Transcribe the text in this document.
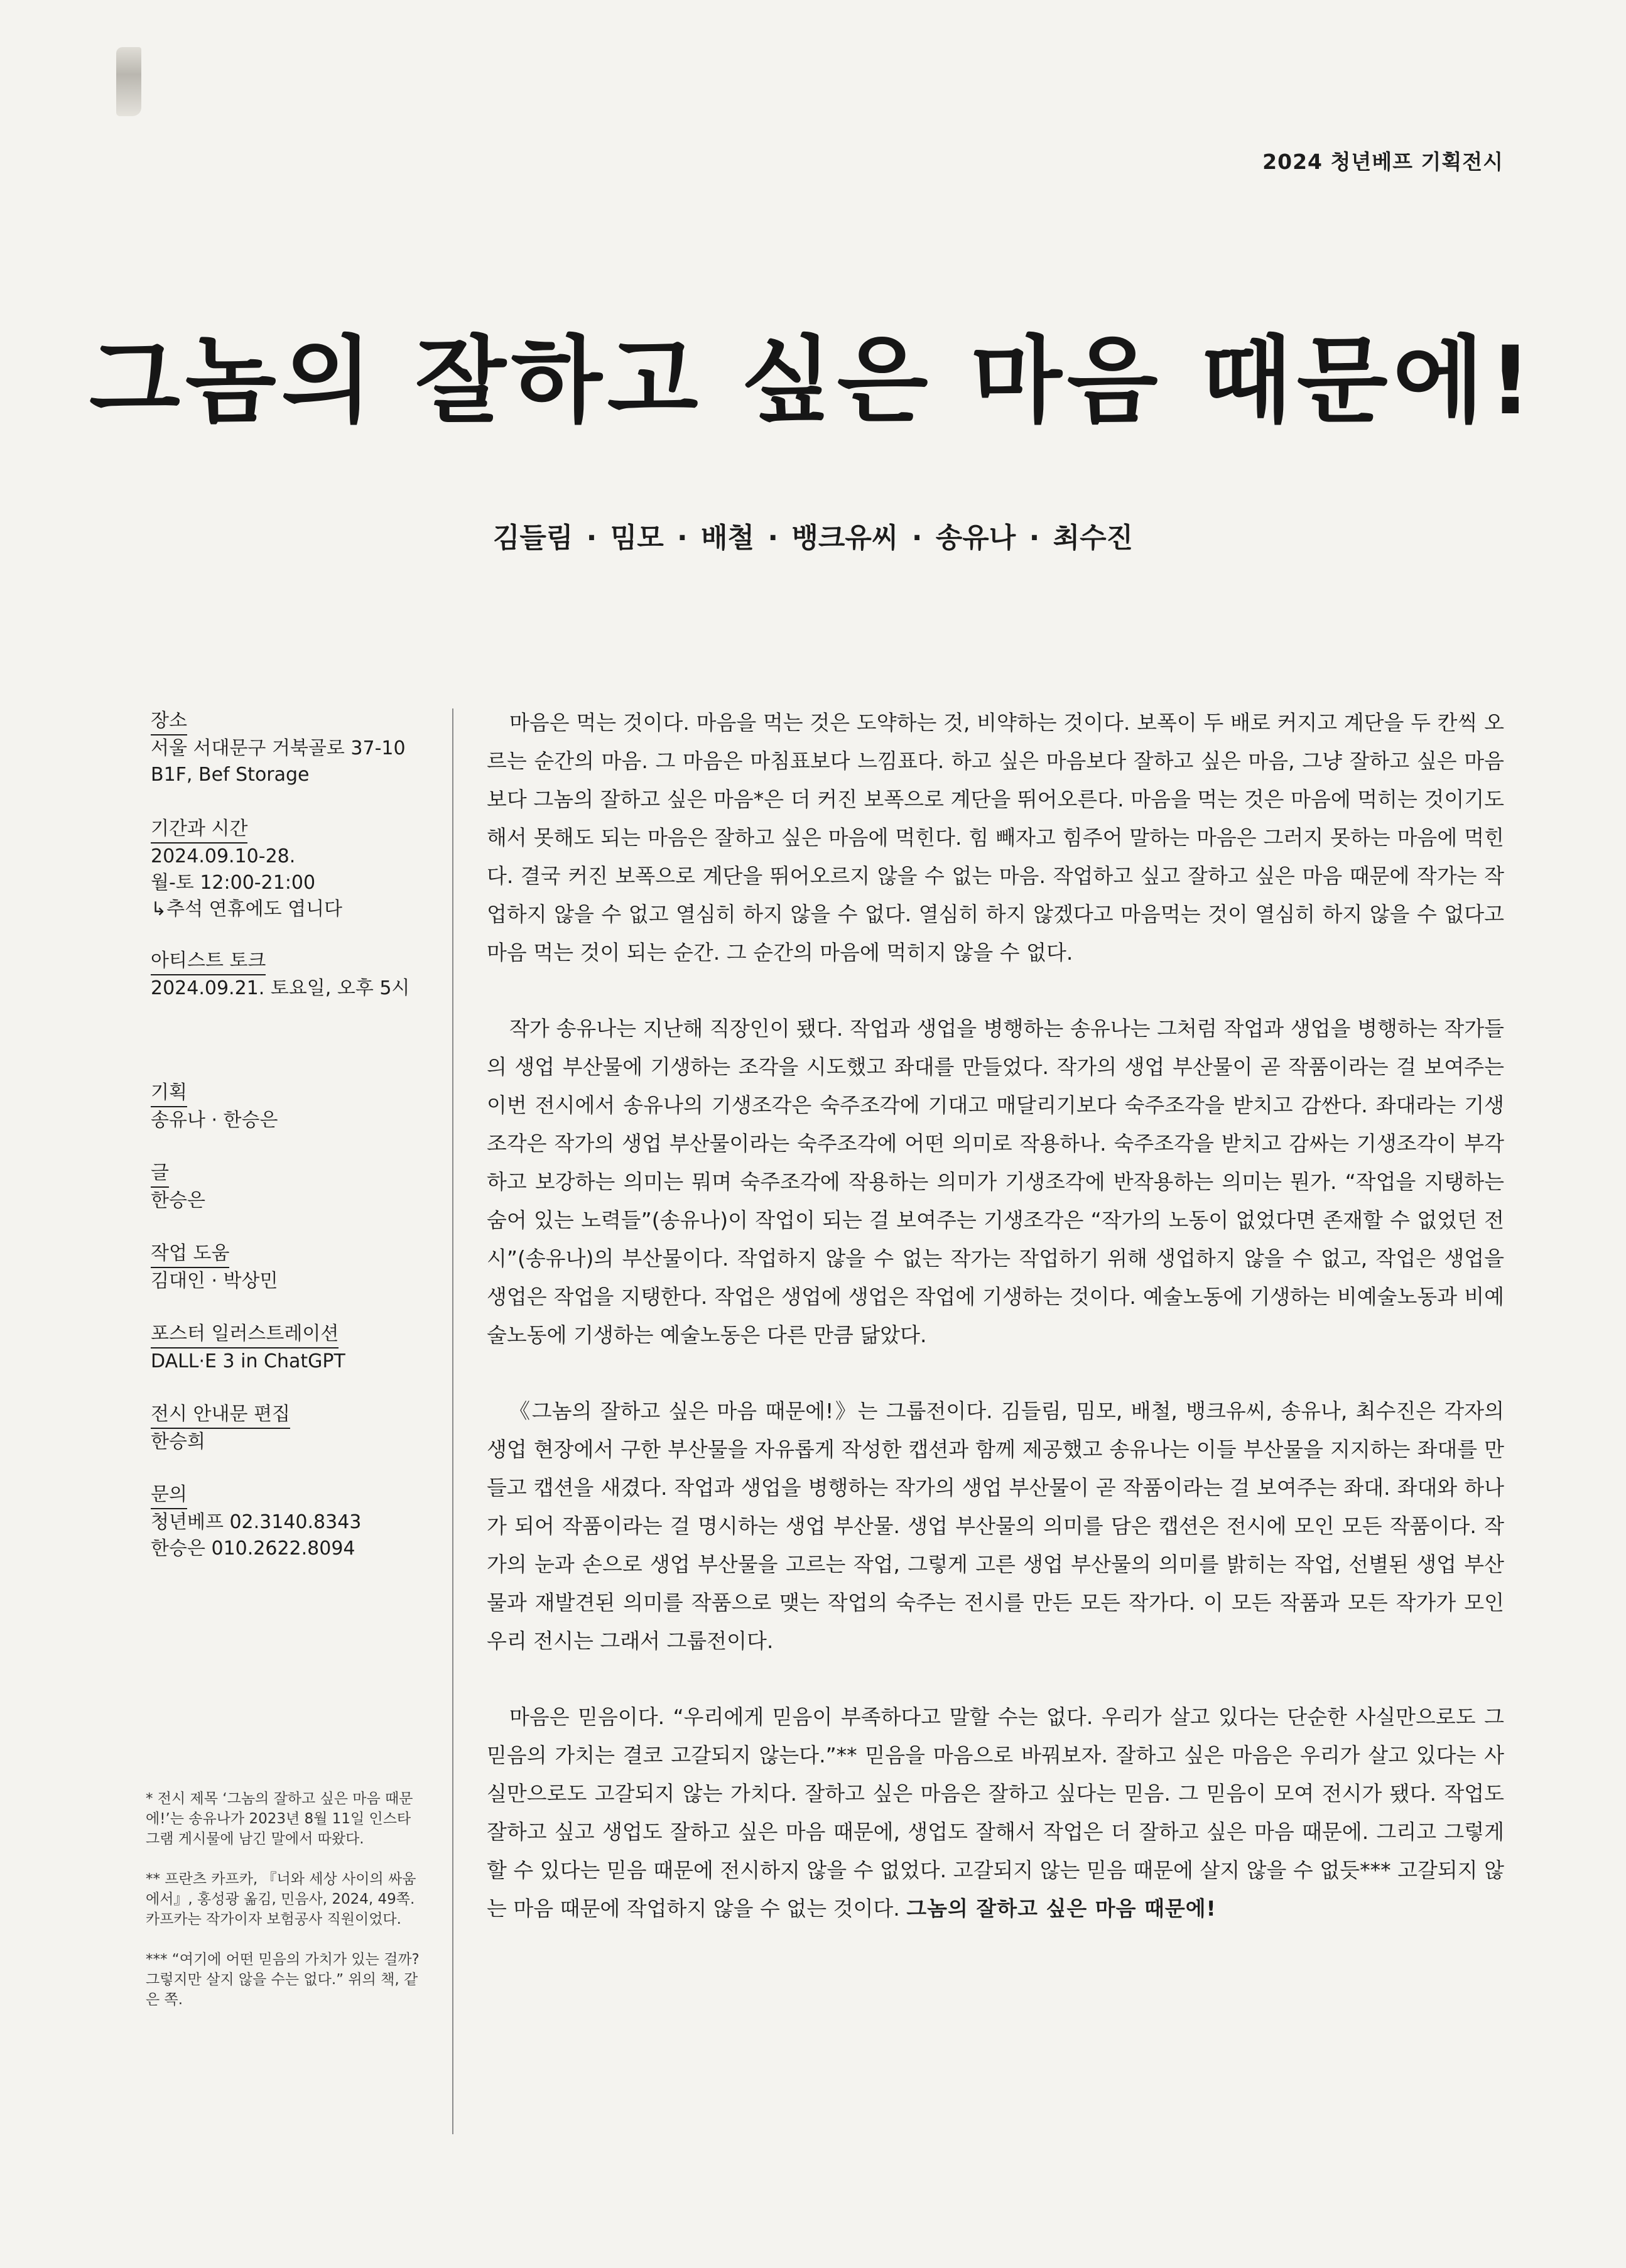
2024 청년베프 기획전시
그놈의 잘하고 싶은 마음 때문에!
김들림 · 밈모 · 배철 · 뱅크유씨 · 송유나 · 최수진
장소
서울 서대문구 거북골로 37-10
B1F, Bef Storage
기간과 시간
2024.09.10-28.
월-토 12:00-21:00
↳추석 연휴에도 엽니다
아티스트 토크
2024.09.21. 토요일, 오후 5시
기획
송유나 · 한승은
글
한승은
작업 도움
김대인 · 박상민
포스터 일러스트레이션
DALL·E 3 in ChatGPT
전시 안내문 편집
한승희
문의
청년베프 02.3140.8343
한승은 010.2622.8094

마음은 먹는 것이다. 마음을 먹는 것은 도약하는 것, 비약하는 것이다. 보폭이 두 배로 커지고 계단을 두 칸씩 오르는 순간의 마음. 그 마음은 마침표보다 느낌표다. 하고 싶은 마음보다 잘하고 싶은 마음, 그냥 잘하고 싶은 마음보다 그놈의 잘하고 싶은 마음*은 더 커진 보폭으로 계단을 뛰어오른다. 마음을 먹는 것은 마음에 먹히는 것이기도 해서 못해도 되는 마음은 잘하고 싶은 마음에 먹힌다. 힘 빼자고 힘주어 말하는 마음은 그러지 못하는 마음에 먹힌다. 결국 커진 보폭으로 계단을 뛰어오르지 않을 수 없는 마음. 작업하고 싶고 잘하고 싶은 마음 때문에 작가는 작업하지 않을 수 없고 열심히 하지 않을 수 없다. 열심히 하지 않겠다고 마음먹는 것이 열심히 하지 않을 수 없다고 마음 먹는 것이 되는 순간. 그 순간의 마음에 먹히지 않을 수 없다.

작가 송유나는 지난해 직장인이 됐다. 작업과 생업을 병행하는 송유나는 그처럼 작업과 생업을 병행하는 작가들의 생업 부산물에 기생하는 조각을 시도했고 좌대를 만들었다. 작가의 생업 부산물이 곧 작품이라는 걸 보여주는 이번 전시에서 송유나의 기생조각은 숙주조각에 기대고 매달리기보다 숙주조각을 받치고 감싼다. 좌대라는 기생조각은 작가의 생업 부산물이라는 숙주조각에 어떤 의미로 작용하나. 숙주조각을 받치고 감싸는 기생조각이 부각하고 보강하는 의미는 뭐며 숙주조각에 작용하는 의미가 기생조각에 반작용하는 의미는 뭔가. “작업을 지탱하는 숨어 있는 노력들”(송유나)이 작업이 되는 걸 보여주는 기생조각은 “작가의 노동이 없었다면 존재할 수 없었던 전시”(송유나)의 부산물이다. 작업하지 않을 수 없는 작가는 작업하기 위해 생업하지 않을 수 없고, 작업은 생업을 생업은 작업을 지탱한다. 작업은 생업에 생업은 작업에 기생하는 것이다. 예술노동에 기생하는 비예술노동과 비예술노동에 기생하는 예술노동은 다른 만큼 닮았다.

《그놈의 잘하고 싶은 마음 때문에!》는 그룹전이다. 김들림, 밈모, 배철, 뱅크유씨, 송유나, 최수진은 각자의 생업 현장에서 구한 부산물을 자유롭게 작성한 캡션과 함께 제공했고 송유나는 이들 부산물을 지지하는 좌대를 만들고 캡션을 새겼다. 작업과 생업을 병행하는 작가의 생업 부산물이 곧 작품이라는 걸 보여주는 좌대. 좌대와 하나가 되어 작품이라는 걸 명시하는 생업 부산물. 생업 부산물의 의미를 담은 캡션은 전시에 모인 모든 작품이다. 작가의 눈과 손으로 생업 부산물을 고르는 작업, 그렇게 고른 생업 부산물의 의미를 밝히는 작업, 선별된 생업 부산물과 재발견된 의미를 작품으로 맺는 작업의 숙주는 전시를 만든 모든 작가다. 이 모든 작품과 모든 작가가 모인 우리 전시는 그래서 그룹전이다.

마음은 믿음이다. “우리에게 믿음이 부족하다고 말할 수는 없다. 우리가 살고 있다는 단순한 사실만으로도 그 믿음의 가치는 결코 고갈되지 않는다.”** 믿음을 마음으로 바꿔보자. 잘하고 싶은 마음은 우리가 살고 있다는 사실만으로도 고갈되지 않는 가치다. 잘하고 싶은 마음은 잘하고 싶다는 믿음. 그 믿음이 모여 전시가 됐다. 작업도 잘하고 싶고 생업도 잘하고 싶은 마음 때문에, 생업도 잘해서 작업은 더 잘하고 싶은 마음 때문에. 그리고 그렇게 할 수 있다는 믿음 때문에 전시하지 않을 수 없었다. 고갈되지 않는 믿음 때문에 살지 않을 수 없듯*** 고갈되지 않는 마음 때문에 작업하지 않을 수 없는 것이다. 그놈의 잘하고 싶은 마음 때문에!

* 전시 제목 ‘그놈의 잘하고 싶은 마음 때문에!’는 송유나가 2023년 8월 11일 인스타그램 게시물에 남긴 말에서 따왔다.

** 프란츠 카프카, 『너와 세상 사이의 싸움에서』, 홍성광 옮김, 민음사, 2024, 49쪽. 카프카는 작가이자 보험공사 직원이었다.

*** “여기에 어떤 믿음의 가치가 있는 걸까? 그렇지만 살지 않을 수는 없다.” 위의 책, 같은 쪽.
